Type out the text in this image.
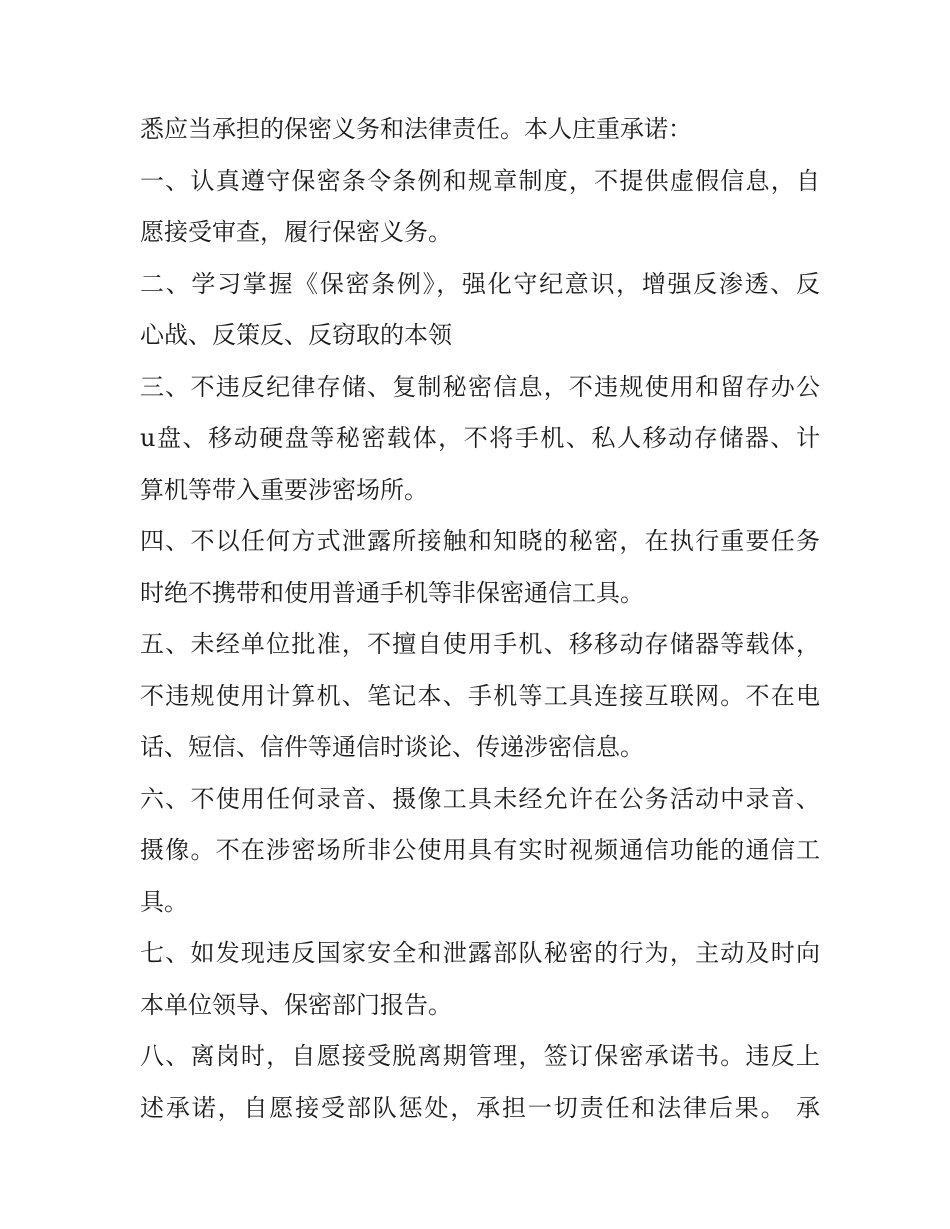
悉应当承担的保密义务和法律责任。本人庄重承诺：
一、认真遵守保密条令条例和规章制度，不提供虚假信息，自
愿接受审查，履行保密义务。
二、学习掌握《保密条例》，强化守纪意识，增强反渗透、反
心战、反策反、反窃取的本领
三、不违反纪律存储、复制秘密信息，不违规使用和留存办公
u盘、移动硬盘等秘密载体，不将手机、私人移动存储器、计
算机等带入重要涉密场所。
四、不以任何方式泄露所接触和知晓的秘密，在执行重要任务
时绝不携带和使用普通手机等非保密通信工具。
五、未经单位批准，不擅自使用手机、移移动存储器等载体，
不违规使用计算机、笔记本、手机等工具连接互联网。不在电
话、短信、信件等通信时谈论、传递涉密信息。
六、不使用任何录音、摄像工具未经允许在公务活动中录音、
摄像。不在涉密场所非公使用具有实时视频通信功能的通信工
具。
七、如发现违反国家安全和泄露部队秘密的行为，主动及时向
本单位领导、保密部门报告。
八、离岗时，自愿接受脱离期管理，签订保密承诺书。违反上
述承诺，自愿接受部队惩处，承担一切责任和法律后果。 承
